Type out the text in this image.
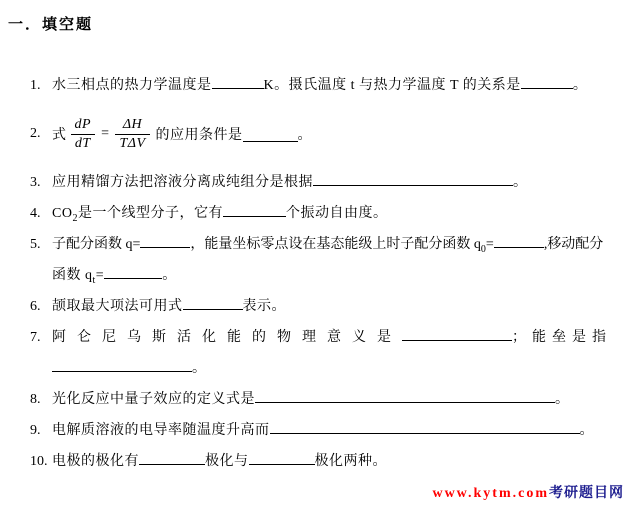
一．填空题
1. 水三相点的热力学温度是	K。摄氏温度 t 与热力学温度 T 的关系是	。
2. 式 $\frac{dP}{dT} = \frac{\Delta H}{\text{TΔV}}$ 的应用条件是	。
3. 应用精馏方法把溶液分离成纯组分是根据	。
4. $CO_2$是一个线型分子，它有	个振动自由度。
5. 子配分函数 q=	，能量坐标零点设在基态能级上时子配分函数 $q_0=$	,移动配分
函数 $q_t=$	。
6. 颉取最大项法可用式	表示。
7. 阿仑尼乌斯活化能的物理意义是	；能垒是指
。
8. 光化反应中量子效应的定义式是	。
9. 电解质溶液的电导率随温度升高而	。
10. 电极的极化有	极化与	极化两种。
www.kytm.com考研题目网
